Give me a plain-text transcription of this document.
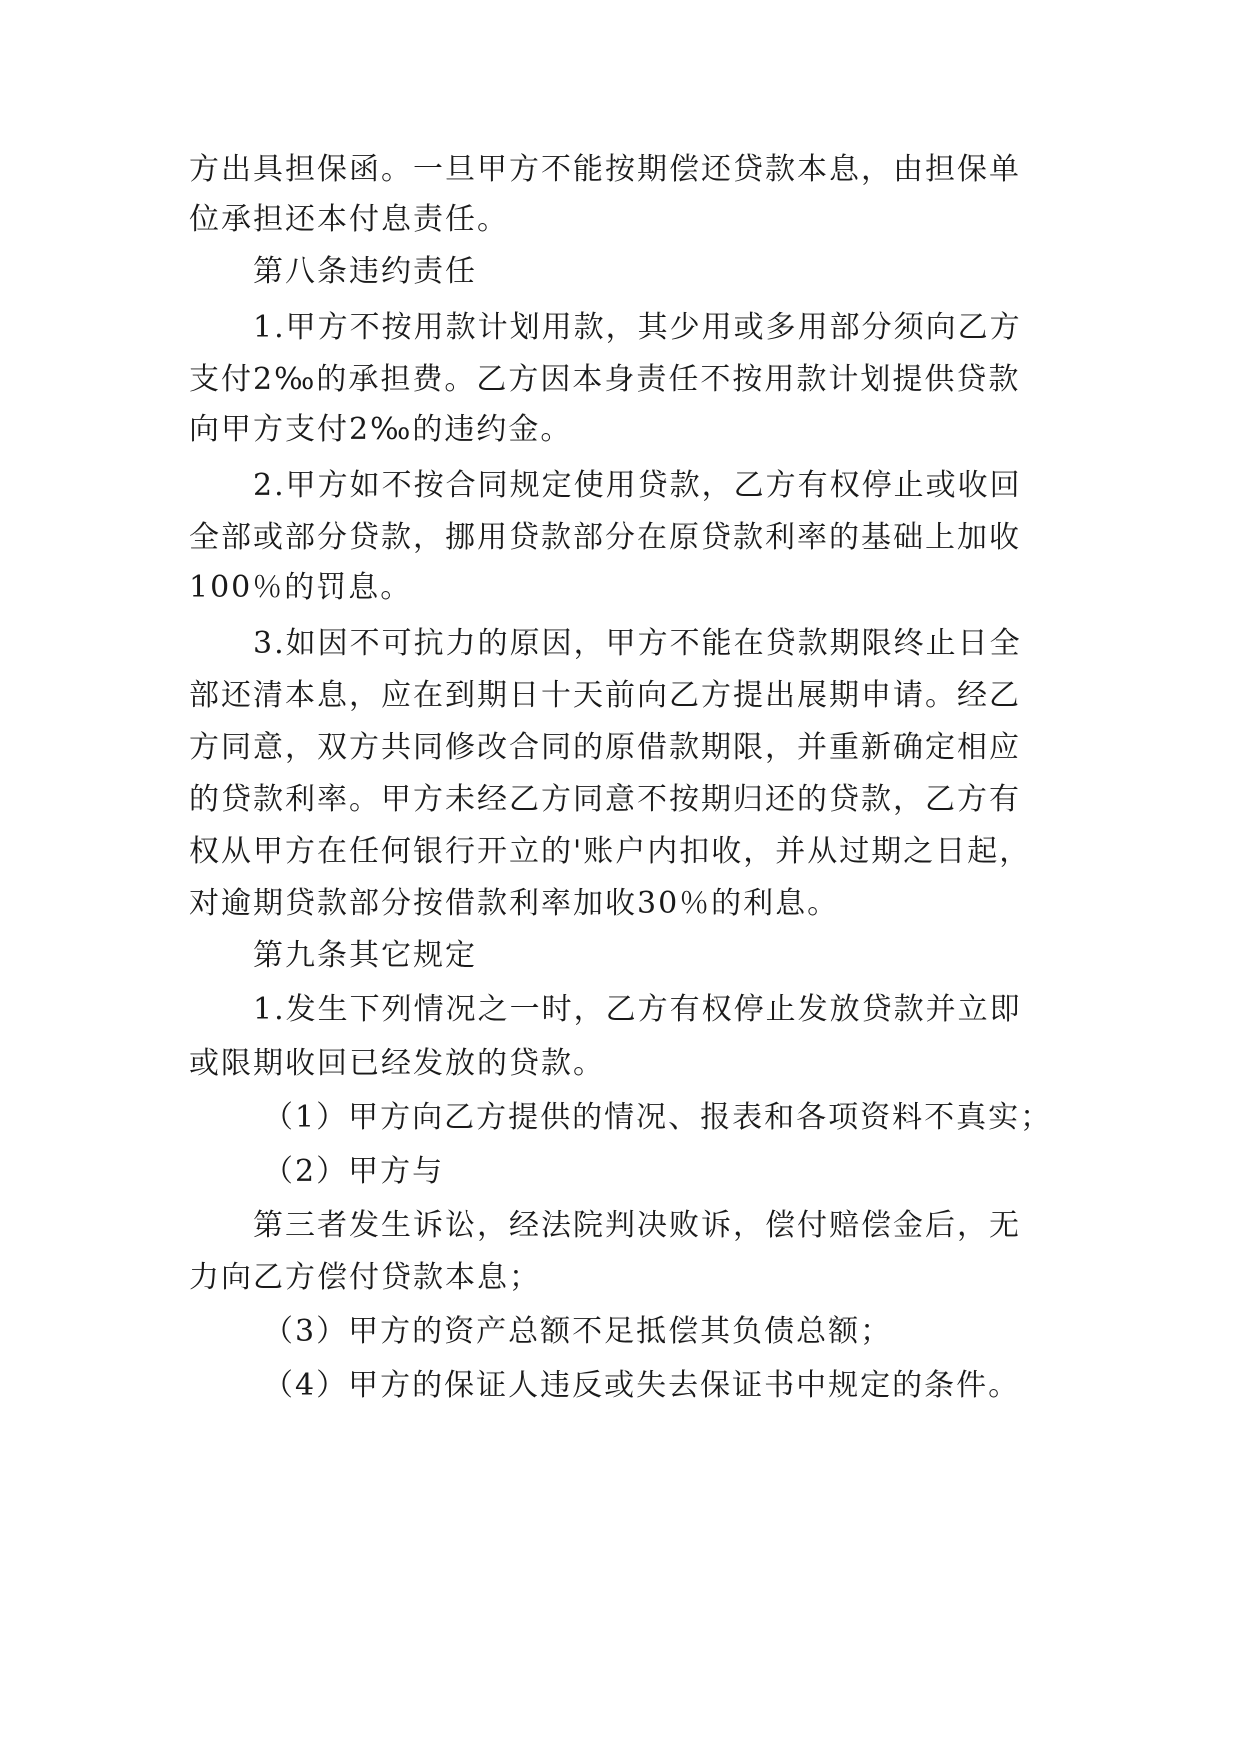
方出具担保函。一旦甲方不能按期偿还贷款本息，由担保单
位承担还本付息责任。
第八条违约责任
1.甲方不按用款计划用款，其少用或多用部分须向乙方
支付2‰的承担费。乙方因本身责任不按用款计划提供贷款
向甲方支付2‰的违约金。
2.甲方如不按合同规定使用贷款，乙方有权停止或收回
全部或部分贷款，挪用贷款部分在原贷款利率的基础上加收
100％的罚息。
3.如因不可抗力的原因，甲方不能在贷款期限终止日全
部还清本息，应在到期日十天前向乙方提出展期申请。经乙
方同意，双方共同修改合同的原借款期限，并重新确定相应
的贷款利率。甲方未经乙方同意不按期归还的贷款，乙方有
权从甲方在任何银行开立的'账户内扣收，并从过期之日起，
对逾期贷款部分按借款利率加收30％的利息。
第九条其它规定
1.发生下列情况之一时，乙方有权停止发放贷款并立即
或限期收回已经发放的贷款。
（1）甲方向乙方提供的情况、报表和各项资料不真实；
（2）甲方与
第三者发生诉讼，经法院判决败诉，偿付赔偿金后，无
力向乙方偿付贷款本息；
（3）甲方的资产总额不足抵偿其负债总额；
（4）甲方的保证人违反或失去保证书中规定的条件。
